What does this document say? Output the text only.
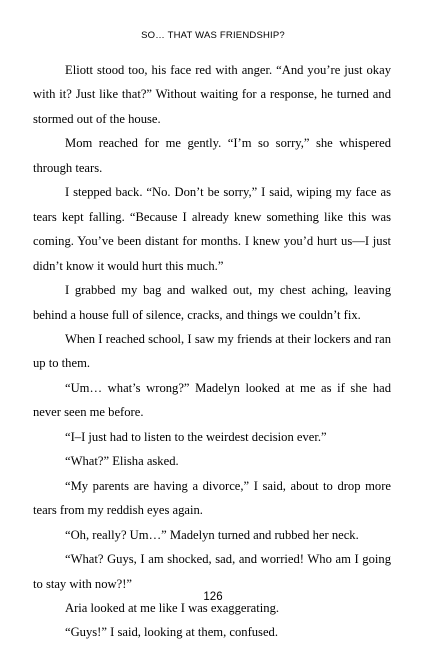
SO… THAT WAS FRIENDSHIP?

Eliott stood too, his face red with anger. “And you’re just okay with it? Just like that?” Without waiting for a response, he turned and stormed out of the house.

Mom reached for me gently. “I’m so sorry,” she whispered through tears.

I stepped back. “No. Don’t be sorry,” I said, wiping my face as tears kept falling. “Because I already knew something like this was coming. You’ve been distant for months. I knew you’d hurt us—I just didn’t know it would hurt this much.”

I grabbed my bag and walked out, my chest aching, leaving behind a house full of silence, cracks, and things we couldn’t fix.

When I reached school, I saw my friends at their lockers and ran up to them.

“Um… what’s wrong?” Madelyn looked at me as if she had never seen me before.

“I–I just had to listen to the weirdest decision ever.”

“What?” Elisha asked.

“My parents are having a divorce,” I said, about to drop more tears from my reddish eyes again.

“Oh, really? Um…” Madelyn turned and rubbed her neck.

“What? Guys, I am shocked, sad, and worried! Who am I going to stay with now?!”

Aria looked at me like I was exaggerating.

“Guys!” I said, looking at them, confused.

126
